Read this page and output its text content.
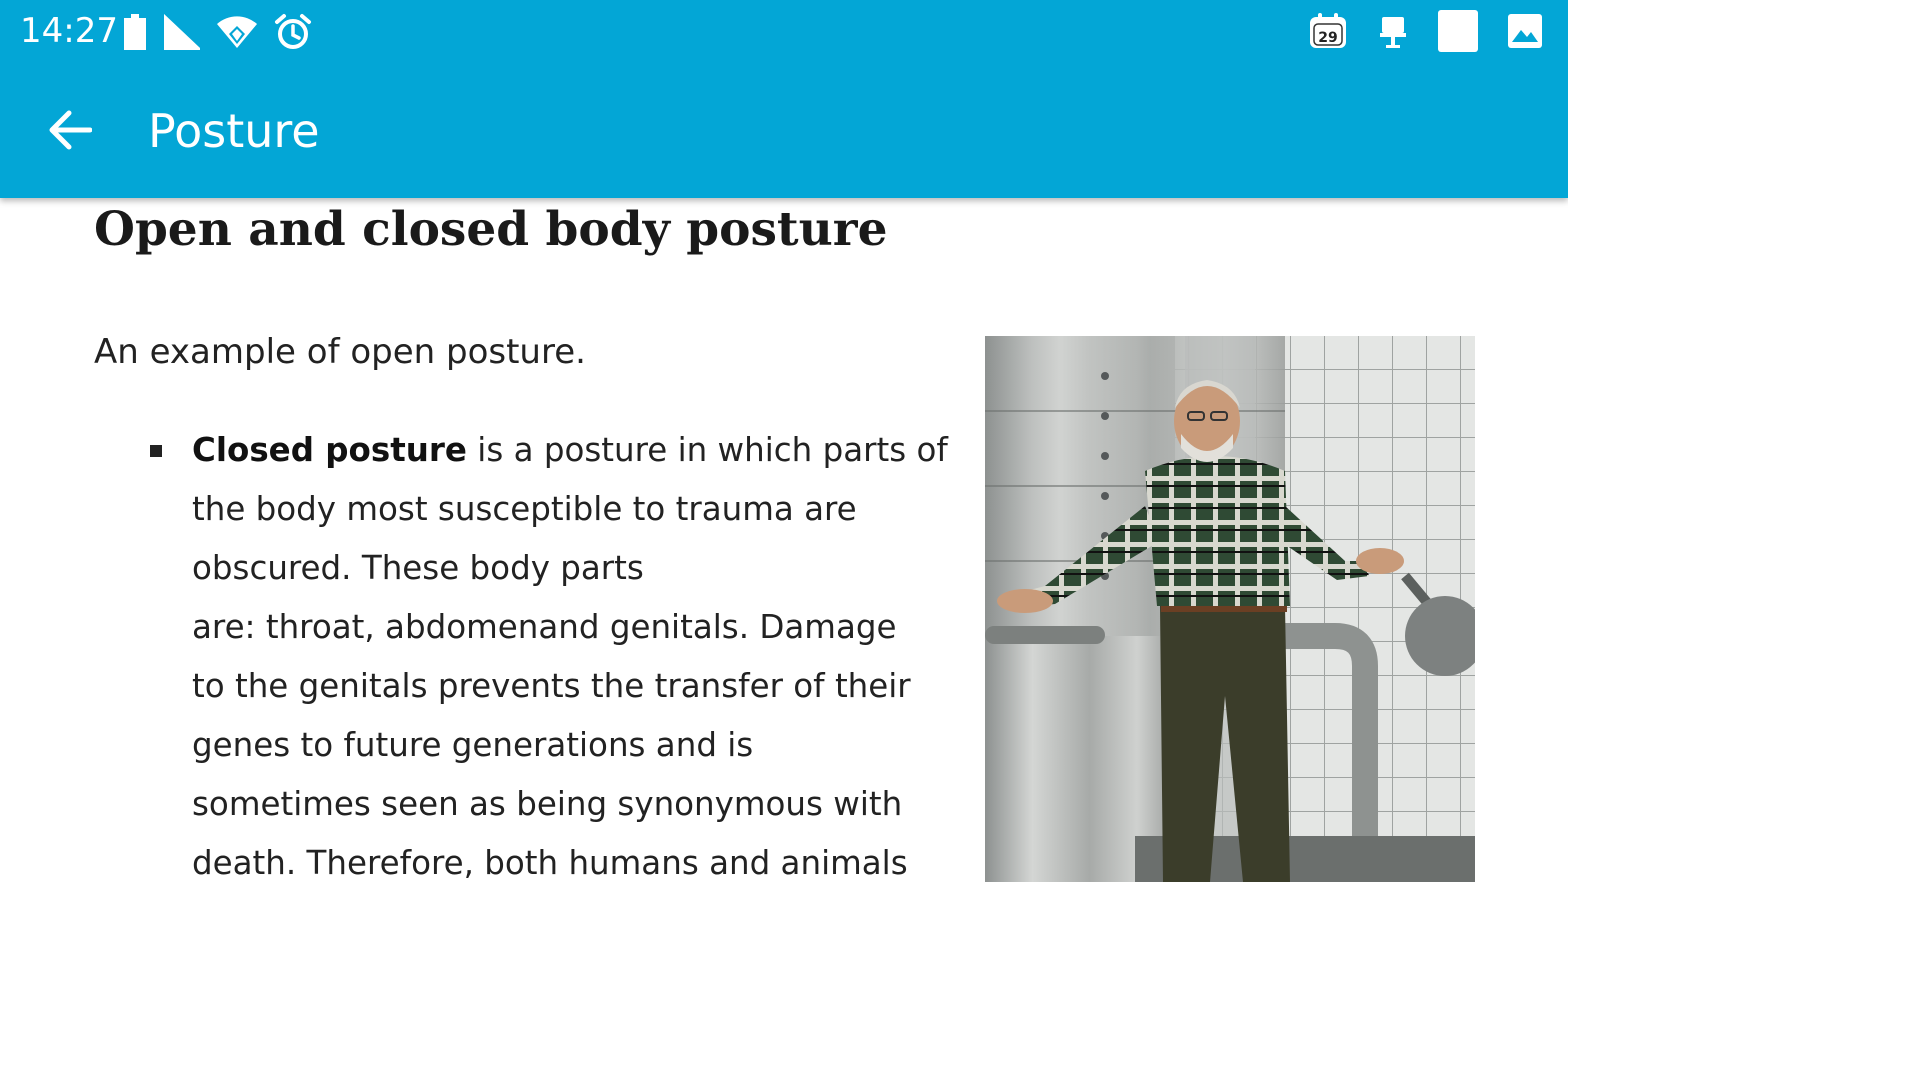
14:27	29
Posture
Open and closed body posture

An example of open posture.

Closed posture is a posture in which parts of
the body most susceptible to trauma are
obscured. These body parts
are: throat, abdomenand genitals. Damage
to the genitals prevents the transfer of their
genes to future generations and is
sometimes seen as being synonymous with
death. Therefore, both humans and animals
